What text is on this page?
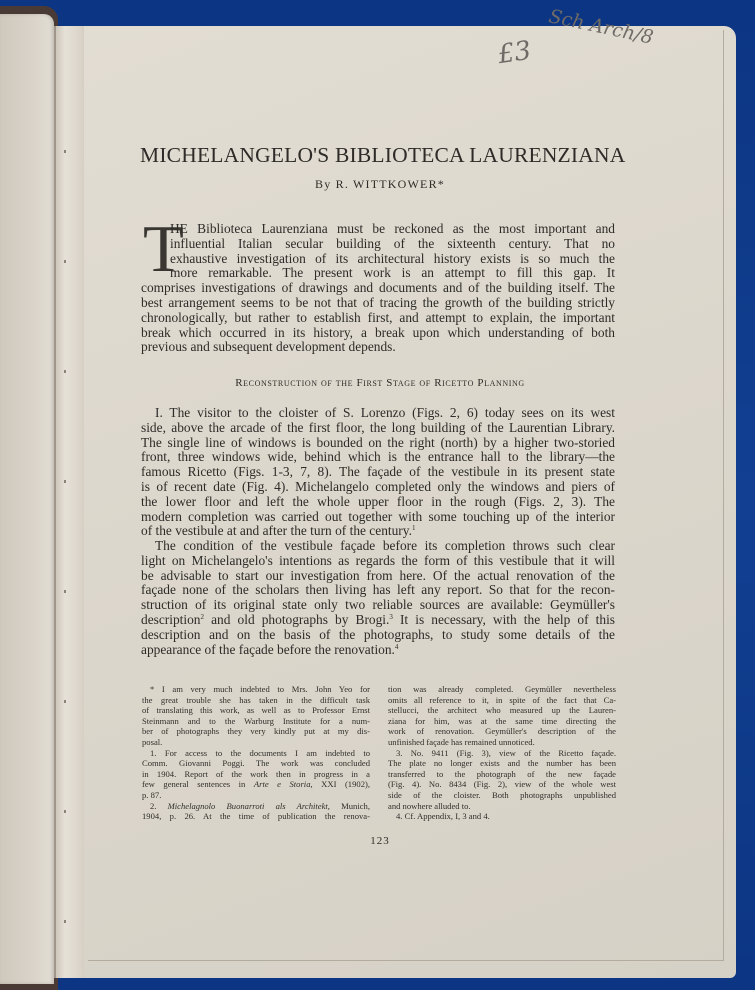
£3
Sch Arch/8
MICHELANGELO'S BIBLIOTECA LAURENZIANA
By R. WITTKOWER*
T
HE Biblioteca Laurenziana must be reckoned as the most important and
influential Italian secular building of the sixteenth century. That no
exhaustive investigation of its architectural history exists is so much the
more remarkable. The present work is an attempt to fill this gap. It
comprises investigations of drawings and documents and of the building itself. The
best arrangement seems to be not that of tracing the growth of the building strictly
chronologically, but rather to establish first, and attempt to explain, the important
break which occurred in its history, a break upon which understanding of both
previous and subsequent development depends.
Reconstruction of the First Stage of Ricetto Planning
I. The visitor to the cloister of S. Lorenzo (Figs. 2, 6) today sees on its west
side, above the arcade of the first floor, the long building of the Laurentian Library.
The single line of windows is bounded on the right (north) by a higher two-storied
front, three windows wide, behind which is the entrance hall to the library—the
famous Ricetto (Figs. 1-3, 7, 8). The façade of the vestibule in its present state
is of recent date (Fig. 4). Michelangelo completed only the windows and piers of
the lower floor and left the whole upper floor in the rough (Figs. 2, 3). The
modern completion was carried out together with some touching up of the interior
of the vestibule at and after the turn of the century.$^1$
The condition of the vestibule façade before its completion throws such clear
light on Michelangelo's intentions as regards the form of this vestibule that it will
be advisable to start our investigation from here. Of the actual renovation of the
façade none of the scholars then living has left any report. So that for the recon-
struction of its original state only two reliable sources are available: Geymüller's
description$^2$ and old photographs by Brogi.$^3$ It is necessary, with the help of this
description and on the basis of the photographs, to study some details of the
appearance of the façade before the renovation.$^4$
* I am very much indebted to Mrs. John Yeo for
the great trouble she has taken in the difficult task
of translating this work, as well as to Professor Ernst
Steinmann and to the Warburg Institute for a num-
ber of photographs they very kindly put at my dis-
posal.
1. For access to the documents I am indebted to
Comm. Giovanni Poggi. The work was concluded
in 1904. Report of the work then in progress in a
few general sentences in Arte e Storia, XXI (1902),
p. 87.
2. Michelagnolo Buonarroti als Architekt, Munich,
1904, p. 26. At the time of publication the renova-
tion was already completed. Geymüller nevertheless
omits all reference to it, in spite of the fact that Ca-
stellucci, the architect who measured up the Lauren-
ziana for him, was at the same time directing the
work of renovation. Geymüller's description of the
unfinished façade has remained unnoticed.
3. No. 9411 (Fig. 3), view of the Ricetto façade.
The plate no longer exists and the number has been
transferred to the photograph of the new façade
(Fig. 4). No. 8434 (Fig. 2), view of the whole west
side of the cloister. Both photographs unpublished
and nowhere alluded to.
4. Cf. Appendix, I, 3 and 4.
123
